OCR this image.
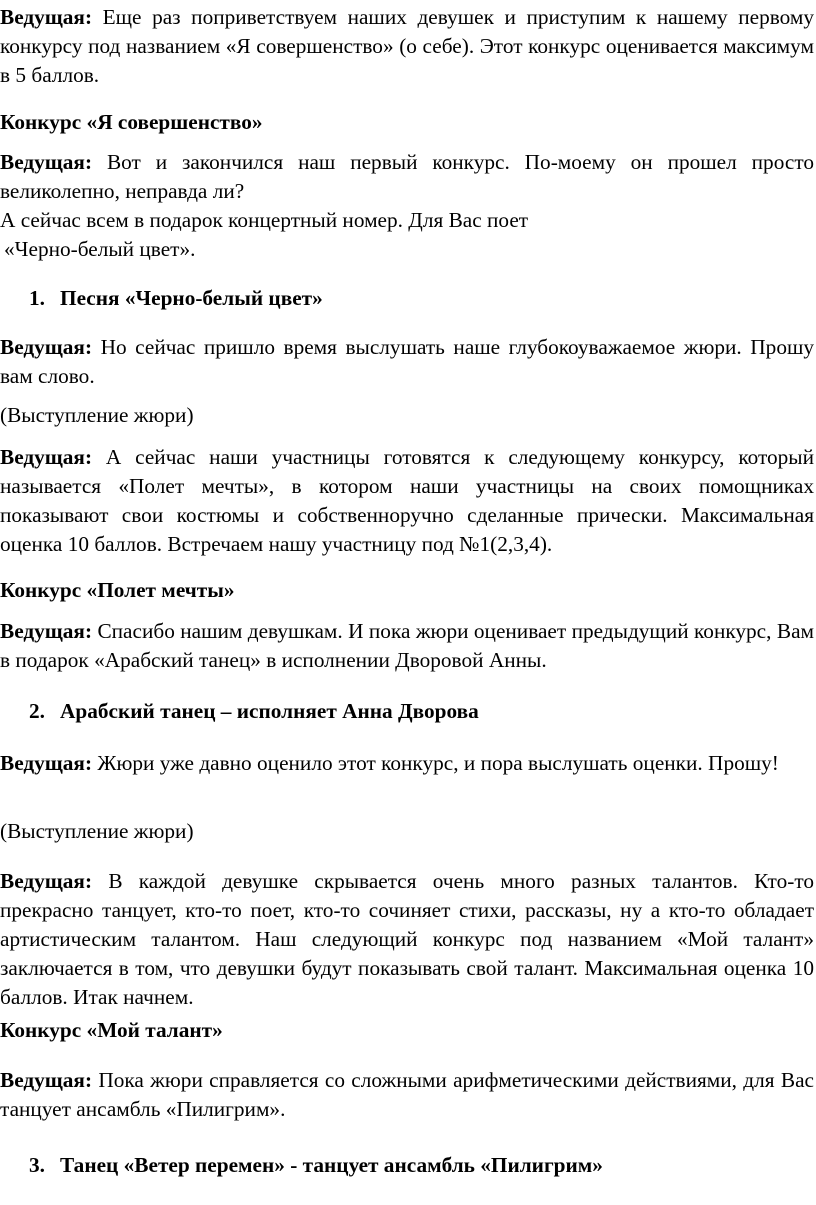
Ведущая: Еще раз поприветствуем наших девушек и приступим к нашему первому конкурсу под названием «Я совершенство» (о себе). Этот конкурс оценивается максимум в 5 баллов.

Конкурс «Я совершенство»

Ведущая: Вот и закончился наш первый конкурс. По-моему он прошел просто великолепно, неправда ли?

А сейчас всем в подарок концертный номер. Для Вас поет

«Черно-белый цвет».

1. Песня «Черно-белый цвет»

Ведущая: Но сейчас пришло время выслушать наше глубокоуважаемое жюри. Прошу вам слово.

(Выступление жюри)

Ведущая: А сейчас наши участницы готовятся к следующему конкурсу, который называется «Полет мечты», в котором наши участницы на своих помощниках показывают свои костюмы и собственноручно сделанные прически. Максимальная оценка 10 баллов. Встречаем нашу участницу под №1(2,3,4).

Конкурс «Полет мечты»

Ведущая: Спасибо нашим девушкам. И пока жюри оценивает предыдущий конкурс, Вам в подарок «Арабский танец» в исполнении Дворовой Анны.

2. Арабский танец – исполняет Анна Дворова

Ведущая: Жюри уже давно оценило этот конкурс, и пора выслушать оценки. Прошу!

(Выступление жюри)

Ведущая: В каждой девушке скрывается очень много разных талантов. Кто-то прекрасно танцует, кто-то поет, кто-то сочиняет стихи, рассказы, ну а кто-то обладает артистическим талантом. Наш следующий конкурс под названием «Мой талант» заключается в том, что девушки будут показывать свой талант. Максимальная оценка 10 баллов. Итак начнем.

Конкурс «Мой талант»

Ведущая: Пока жюри справляется со сложными арифметическими действиями, для Вас танцует ансамбль «Пилигрим».

3. Танец «Ветер перемен» - танцует ансамбль «Пилигрим»
